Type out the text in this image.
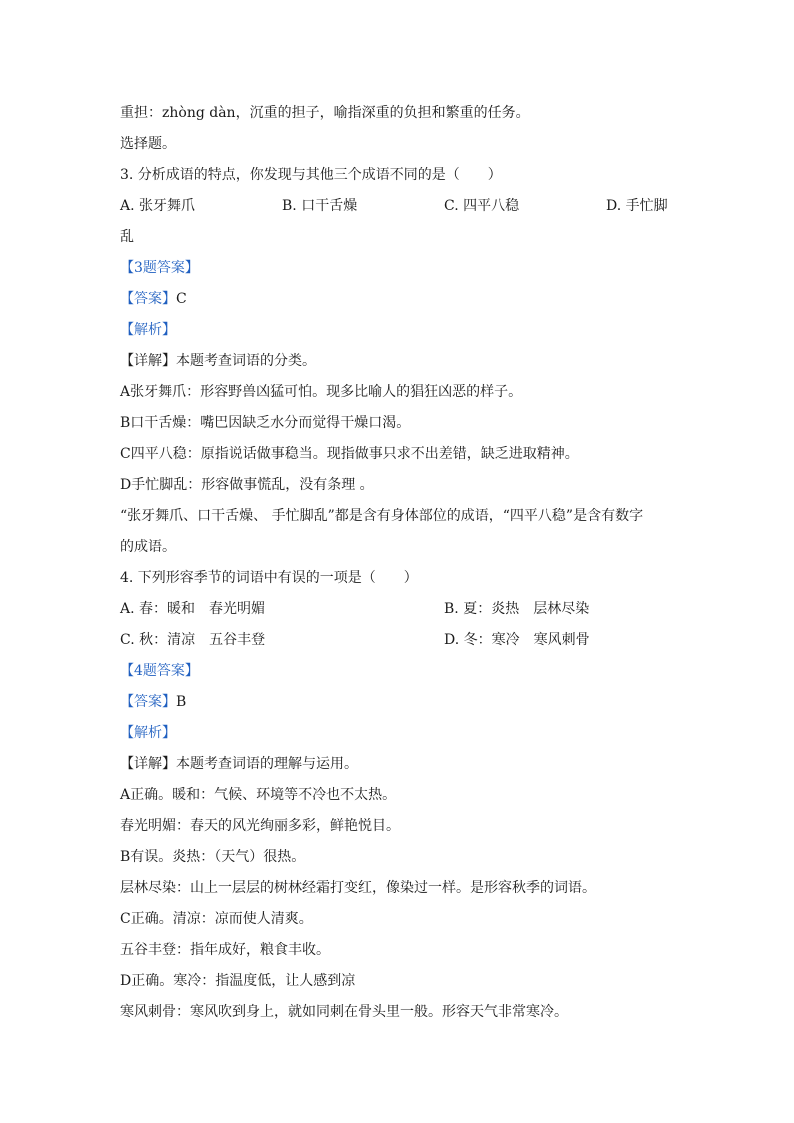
重担：zhòng dàn，沉重的担子，喻指深重的负担和繁重的任务。
选择题。
3. 分析成语的特点，你发现与其他三个成语不同的是（　　）
A. 张牙舞爪	B. 口干舌燥	C. 四平八稳	D. 手忙脚
乱
【3题答案】
【答案】C
【解析】
【详解】本题考查词语的分类。
A张牙舞爪：形容野兽凶猛可怕。现多比喻人的猖狂凶恶的样子。
B口干舌燥：嘴巴因缺乏水分而觉得干燥口渴。
C四平八稳：原指说话做事稳当。现指做事只求不出差错，缺乏进取精神。
D手忙脚乱：形容做事慌乱，没有条理 。
“张牙舞爪、口干舌燥、 手忙脚乱”都是含有身体部位的成语，“四平八稳”是含有数字
的成语。
4. 下列形容季节的词语中有误的一项是（　　）
A. 春：暖和　春光明媚	B. 夏：炎热　层林尽染
C. 秋：清凉　五谷丰登	D. 冬：寒冷　寒风刺骨
【4题答案】
【答案】B
【解析】
【详解】本题考查词语的理解与运用。
A正确。暖和：气候、环境等不冷也不太热。
春光明媚：春天的风光绚丽多彩，鲜艳悦目。
B有误。炎热：（天气）很热。
层林尽染：山上一层层的树林经霜打变红，像染过一样。是形容秋季的词语。
C正确。清凉：凉而使人清爽。
五谷丰登：指年成好，粮食丰收。
D正确。寒冷：指温度低，让人感到凉
寒风刺骨：寒风吹到身上，就如同刺在骨头里一般。形容天气非常寒冷。
